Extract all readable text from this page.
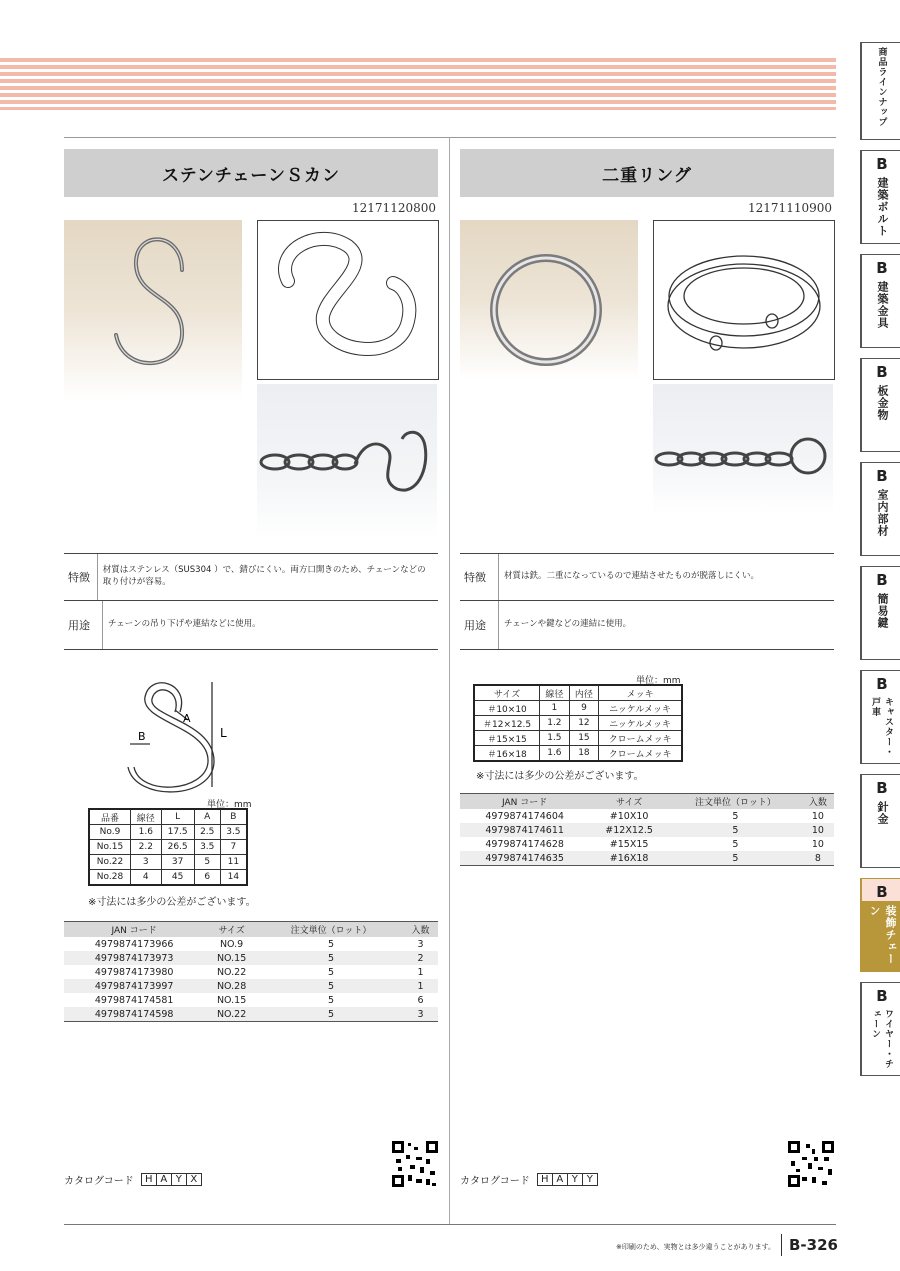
ステンチェーンＳカン
12171120800
特徴
材質はステンレス（SUS304 ）で、錆びにくい。両方口開きのため、チェーンなどの取り付けが容易。
用途	チェーンの吊り下げや連結などに使用。
A
B	L
単位：mm
品番	線径	L	A	B
No.9	1.6	17.5	2.5	3.5
No.15	2.2	26.5	3.5	7
No.22	3	37	5	11
No.28	4	45	6	14
※寸法には多少の公差がございます。
JAN コード	サイズ	注文単位（ロット）	入数
4979874173966	NO.9	5	3
4979874173973	NO.15	5	2
4979874173980	NO.22	5	1
4979874173997	NO.28	5	1
4979874174581	NO.15	5	6
4979874174598	NO.22	5	3
カタログコード	H A Y X
二重リング
12171110900
特徴	材質は鉄。二重になっているので連結させたものが脱落しにくい。
用途	チェーンや鍵などの連結に使用。
単位：mm
サイズ	線径	内径	メッキ
＃10×10	1	9	ニッケルメッキ
＃12×12.5	1.2	12	ニッケルメッキ
＃15×15	1.5	15	クロームメッキ
＃16×18	1.6	18	クロームメッキ
※寸法には多少の公差がございます。
JAN コード	サイズ	注文単位（ロット）	入数
4979874174604	#10X10	5	10
4979874174611	#12X12.5	5	10
4979874174628	#15X15	5	10
4979874174635	#16X18	5	8
カタログコード	H A Y Y
※印刷のため、実物とは多少違うことがあります。 B-326
商品ラインナップ
B
建築ボルト
B
建築金具
B
板金物
B
室内部材
B
簡易鍵
B
キャスター・戸車
B
針金
B
装飾チェーン
B
ワイヤー・チェーン
